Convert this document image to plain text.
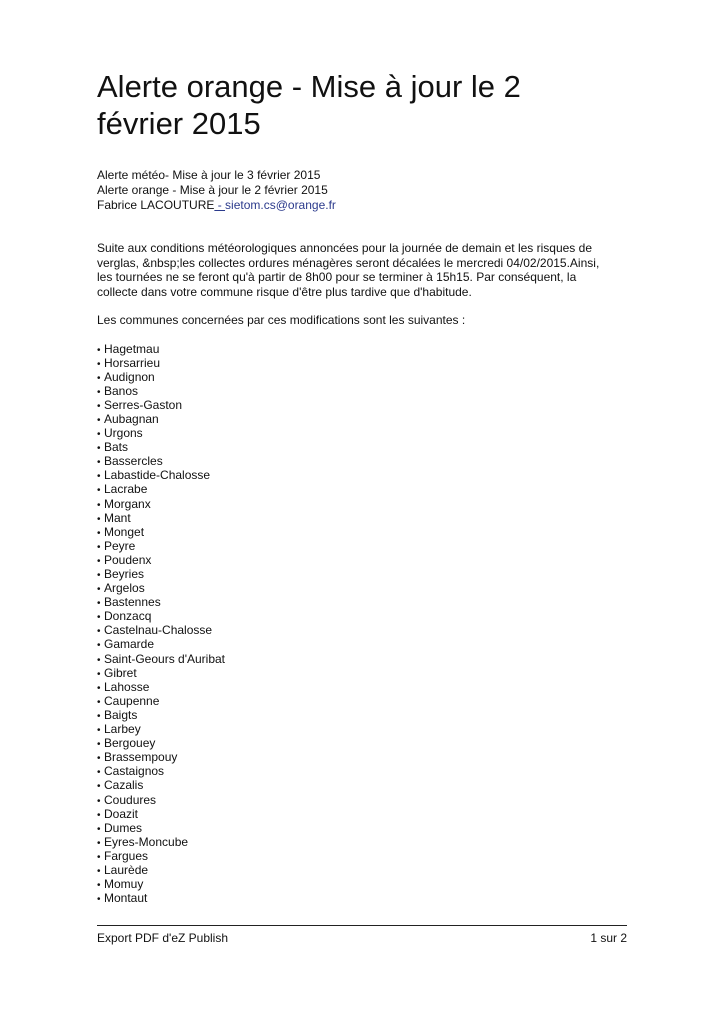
Alerte orange - Mise à jour le 2 février 2015

Alerte météo- Mise à jour le 3 février 2015

Alerte orange - Mise à jour le 2 février 2015

Fabrice LACOUTURE - sietom.cs@orange.fr

Suite aux conditions météorologiques annoncées pour la journée de demain et les risques de verglas, &nbsp;les collectes ordures ménagères seront décalées le mercredi 04/02/2015.Ainsi, les tournées ne se feront qu'à partir de 8h00 pour se terminer à 15h15. Par conséquent, la collecte dans votre commune risque d'être plus tardive que d'habitude.

Les communes concernées par ces modifications sont les suivantes :

• Hagetmau
• Horsarrieu
• Audignon
• Banos
• Serres-Gaston
• Aubagnan
• Urgons
• Bats
• Bassercles
• Labastide-Chalosse
• Lacrabe
• Morganx
• Mant
• Monget
• Peyre
• Poudenx
• Beyries
• Argelos
• Bastennes
• Donzacq
• Castelnau-Chalosse
• Gamarde
• Saint-Geours d'Auribat
• Gibret
• Lahosse
• Caupenne
• Baigts
• Larbey
• Bergouey
• Brassempouy
• Castaignos
• Cazalis
• Coudures
• Doazit
• Dumes
• Eyres-Moncube
• Fargues
• Laurède
• Momuy
• Montaut
Export PDF d'eZ Publish	1 sur 2
